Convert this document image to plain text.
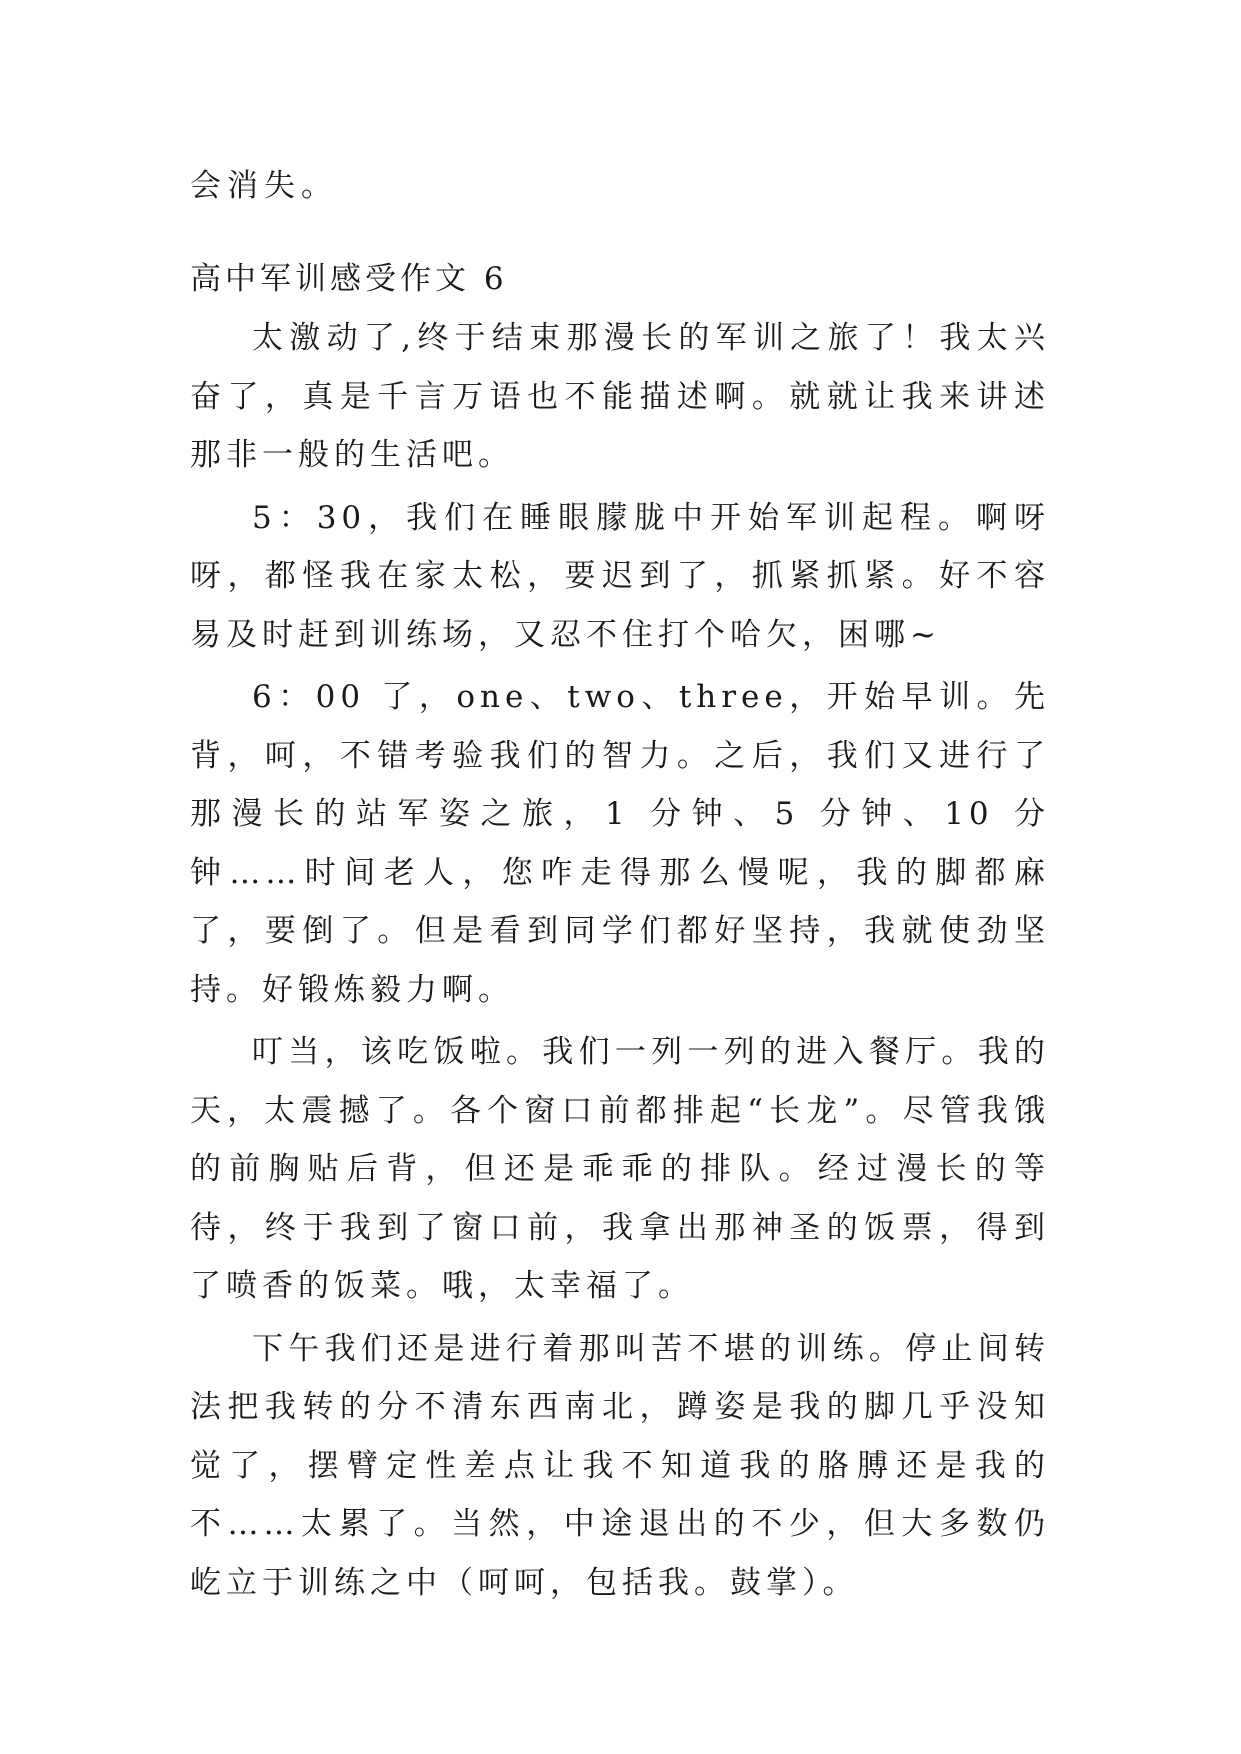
会消失。

高中军训感受作文 6

太激动了,终于结束那漫长的军训之旅了！我太兴奋了，真是千言万语也不能描述啊。就就让我来讲述那非一般的生活吧。

5：30，我们在睡眼朦胧中开始军训起程。啊呀呀，都怪我在家太松，要迟到了，抓紧抓紧。好不容易及时赶到训练场，又忍不住打个哈欠，困哪~

6：00 了，one、two、three，开始早训。先背，呵，不错考验我们的智力。之后，我们又进行了那漫长的站军姿之旅，1 分钟、5 分钟、10 分钟……时间老人，您咋走得那么慢呢，我的脚都麻了，要倒了。但是看到同学们都好坚持，我就使劲坚持。好锻炼毅力啊。

叮当，该吃饭啦。我们一列一列的进入餐厅。我的天，太震撼了。各个窗口前都排起“长龙”。尽管我饿的前胸贴后背，但还是乖乖的排队。经过漫长的等待，终于我到了窗口前，我拿出那神圣的饭票，得到了喷香的饭菜。哦，太幸福了。

下午我们还是进行着那叫苦不堪的训练。停止间转法把我转的分不清东西南北，蹲姿是我的脚几乎没知觉了，摆臂定性差点让我不知道我的胳膊还是我的不……太累了。当然，中途退出的不少，但大多数仍屹立于训练之中（呵呵，包括我。鼓掌）。
